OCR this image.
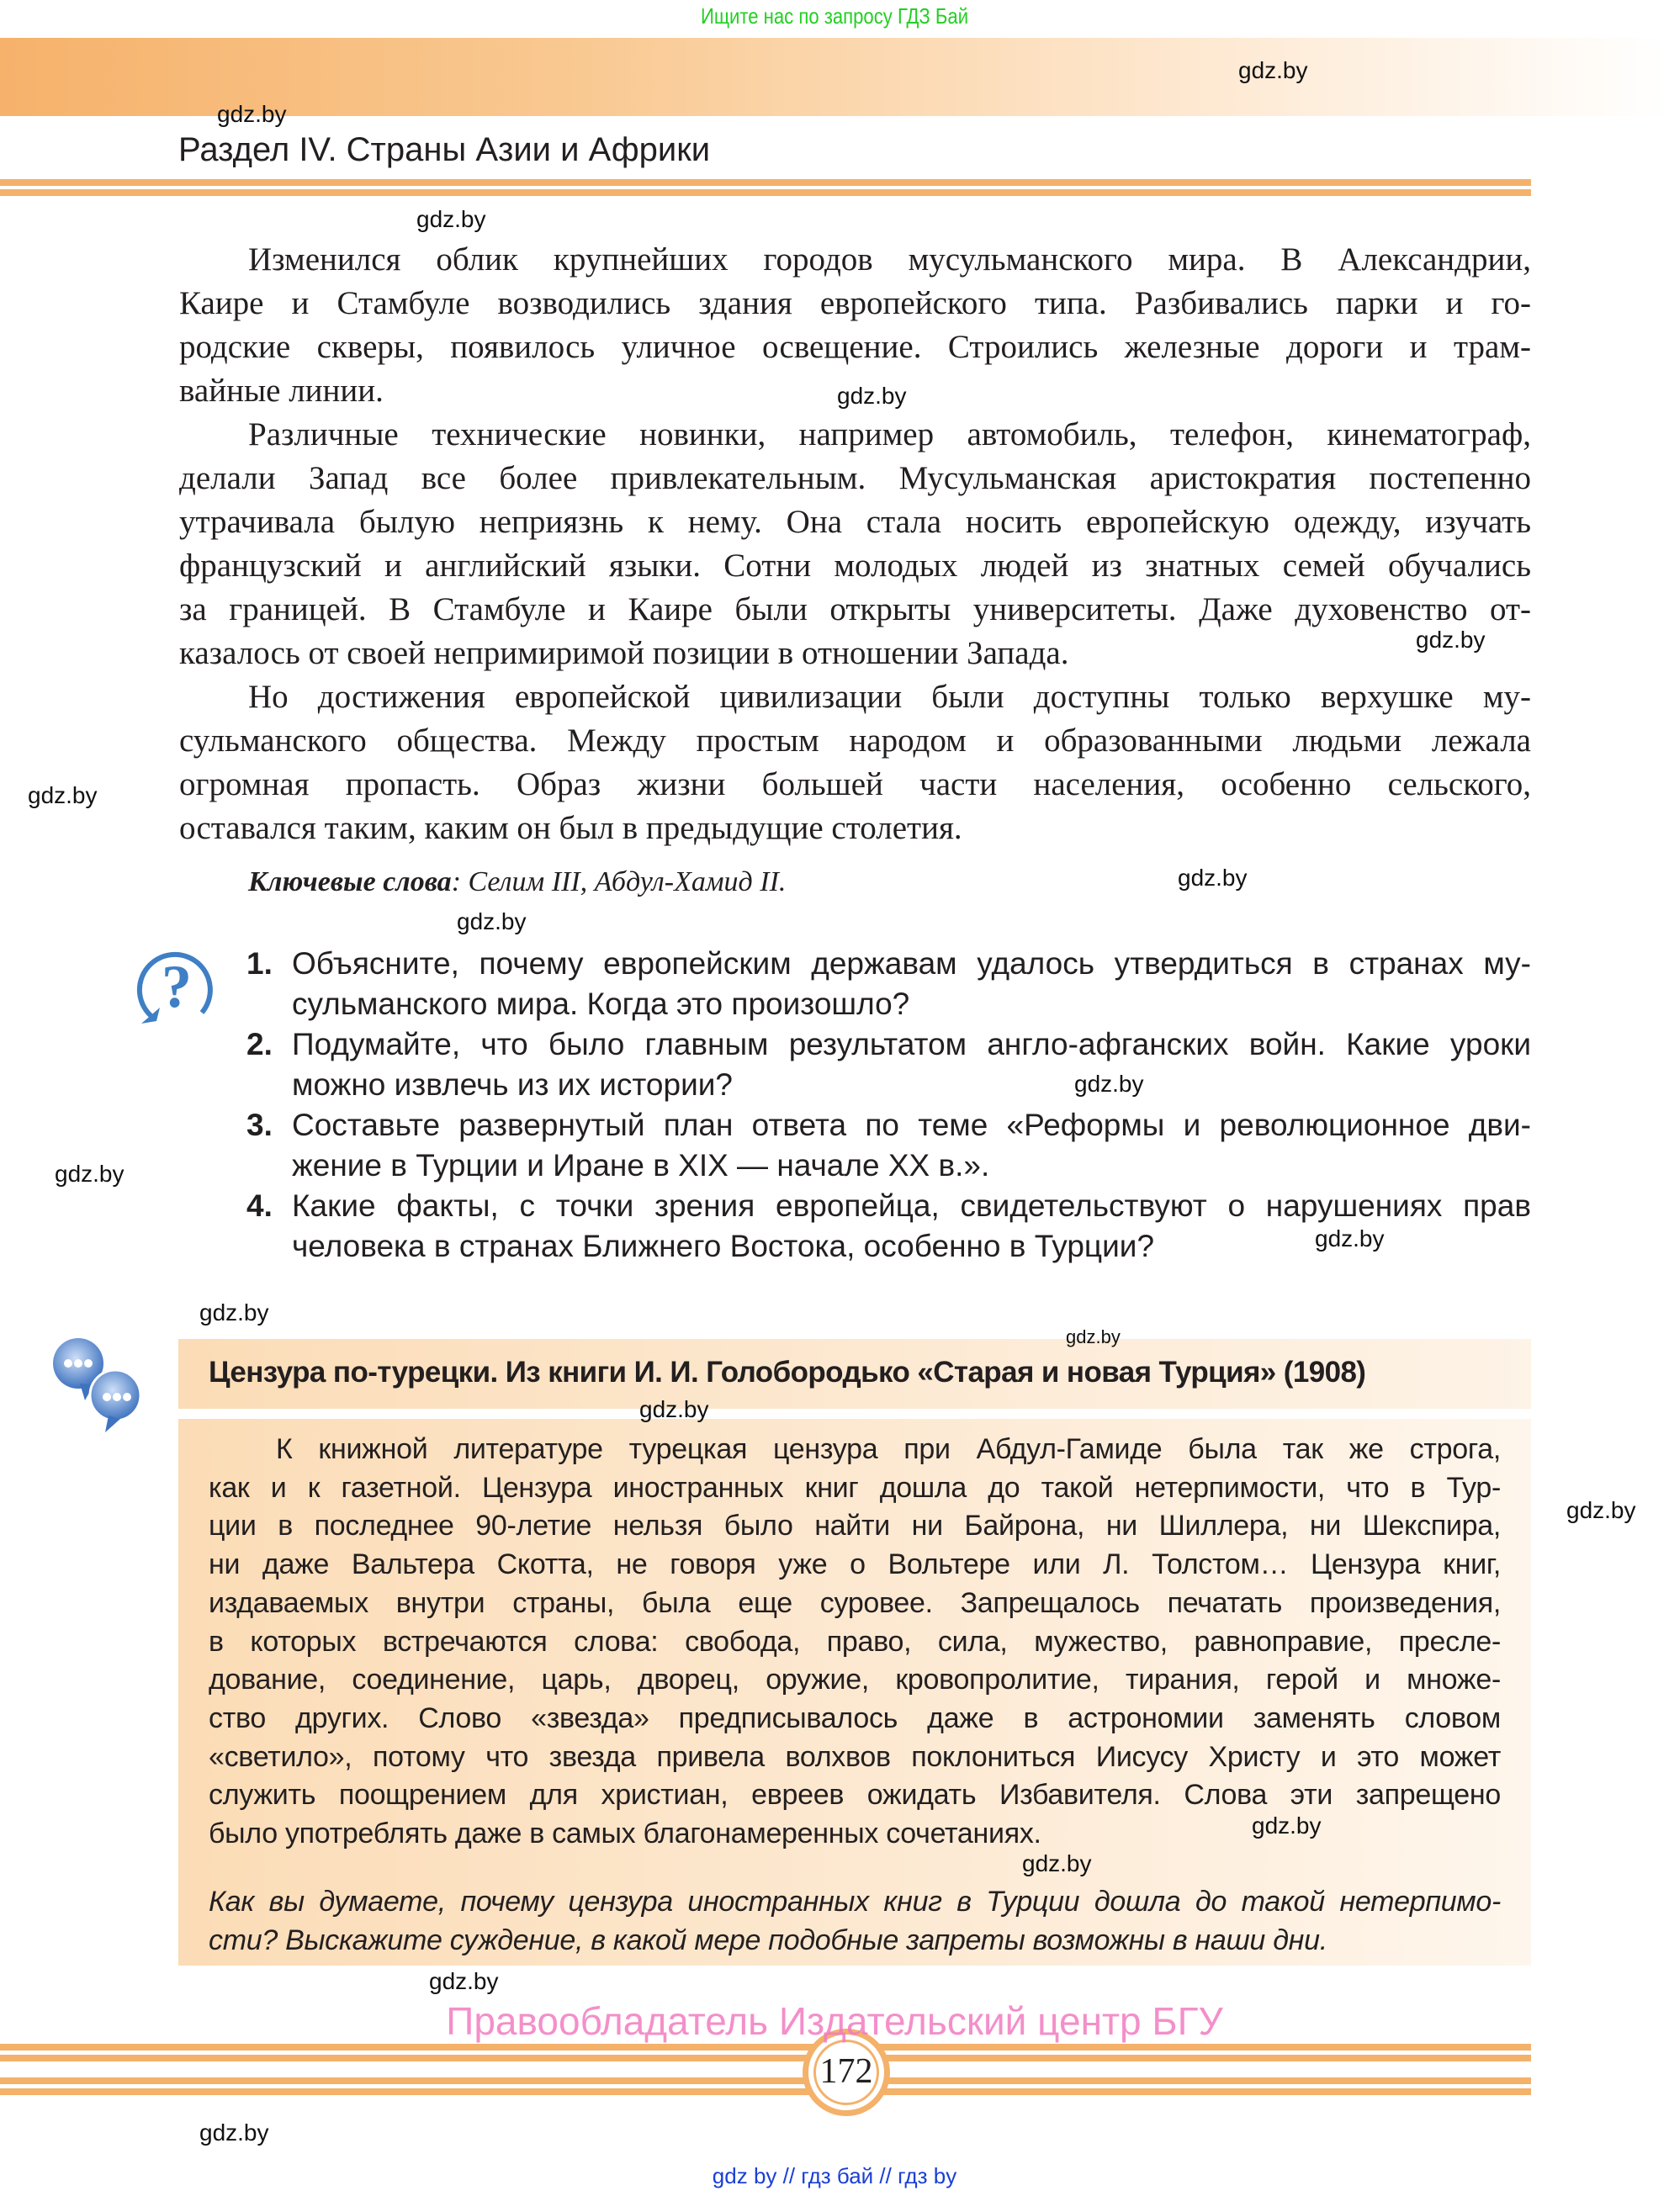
Ищите нас по запросу ГДЗ Бай
Раздел IV. Страны Азии и Африки
Изменился облик крупнейших городов мусульманского мира. В Александрии,
Каире и Стамбуле возводились здания европейского типа. Разбивались парки и го-
родские скверы, появилось уличное освещение. Строились железные дороги и трам-
вайные линии.
Различные технические новинки, например автомобиль, телефон, кинематограф,
делали Запад все более привлекательным. Мусульманская аристократия постепенно
утрачивала былую неприязнь к нему. Она стала носить европейскую одежду, изучать
французский и английский языки. Сотни молодых людей из знатных семей обучались
за границей. В Стамбуле и Каире были открыты университеты. Даже духовенство от-
казалось от своей непримиримой позиции в отношении Запада.
Но достижения европейской цивилизации были доступны только верхушке му-
сульманского общества. Между простым народом и образованными людьми лежала
огромная пропасть. Образ жизни большей части населения, особенно сельского,
оставался таким, каким он был в предыдущие столетия.
Ключевые слова: Селим III, Абдул-Хамид II.
? 1. Объясните, почему европейским державам удалось утвердиться в странах му-
сульманского мира. Когда это произошло?
2. Подумайте, что было главным результатом англо-афганских войн. Какие уроки
можно извлечь из их истории?
3. Составьте развернутый план ответа по теме «Реформы и революционное дви-
жение в Турции и Иране в XIX — начале XX в.».
4. Какие факты, с точки зрения европейца, свидетельствуют о нарушениях прав
человека в странах Ближнего Востока, особенно в Турции?
Цензура по-турецки. Из книги И. И. Голобородько «Старая и новая Турция» (1908)
К книжной литературе турецкая цензура при Абдул-Гамиде была так же строга,
как и к газетной. Цензура иностранных книг дошла до такой нетерпимости, что в Тур-
ции в последнее 90-летие нельзя было найти ни Байрона, ни Шиллера, ни Шекспира,
ни даже Вальтера Скотта, не говоря уже о Вольтере или Л. Толстом… Цензура книг,
издаваемых внутри страны, была еще суровее. Запрещалось печатать произведения,
в которых встречаются слова: свобода, право, сила, мужество, равноправие, пресле-
дование, соединение, царь, дворец, оружие, кровопролитие, тирания, герой и множе-
ство других. Слово «звезда» предписывалось даже в астрономии заменять словом
«светило», потому что звезда привела волхвов поклониться Иисусу Христу и это может
служить поощрением для христиан, евреев ожидать Избавителя. Слова эти запрещено
было употреблять даже в самых благонамеренных сочетаниях.
Как вы думаете, почему цензура иностранных книг в Турции дошла до такой нетерпимо-
сти? Выскажите суждение, в какой мере подобные запреты возможны в наши дни.
172
Правообладатель Издательский центр БГУ
gdz by // гдз бай // гдз by
gdz.by
gdz.by
gdz.by
gdz.by
gdz.by
gdz.by
gdz.by
gdz.by
gdz.by
gdz.by
gdz.by
gdz.by
gdz.by
gdz.by
gdz.by
gdz.by
gdz.by
gdz.by
gdz.by
